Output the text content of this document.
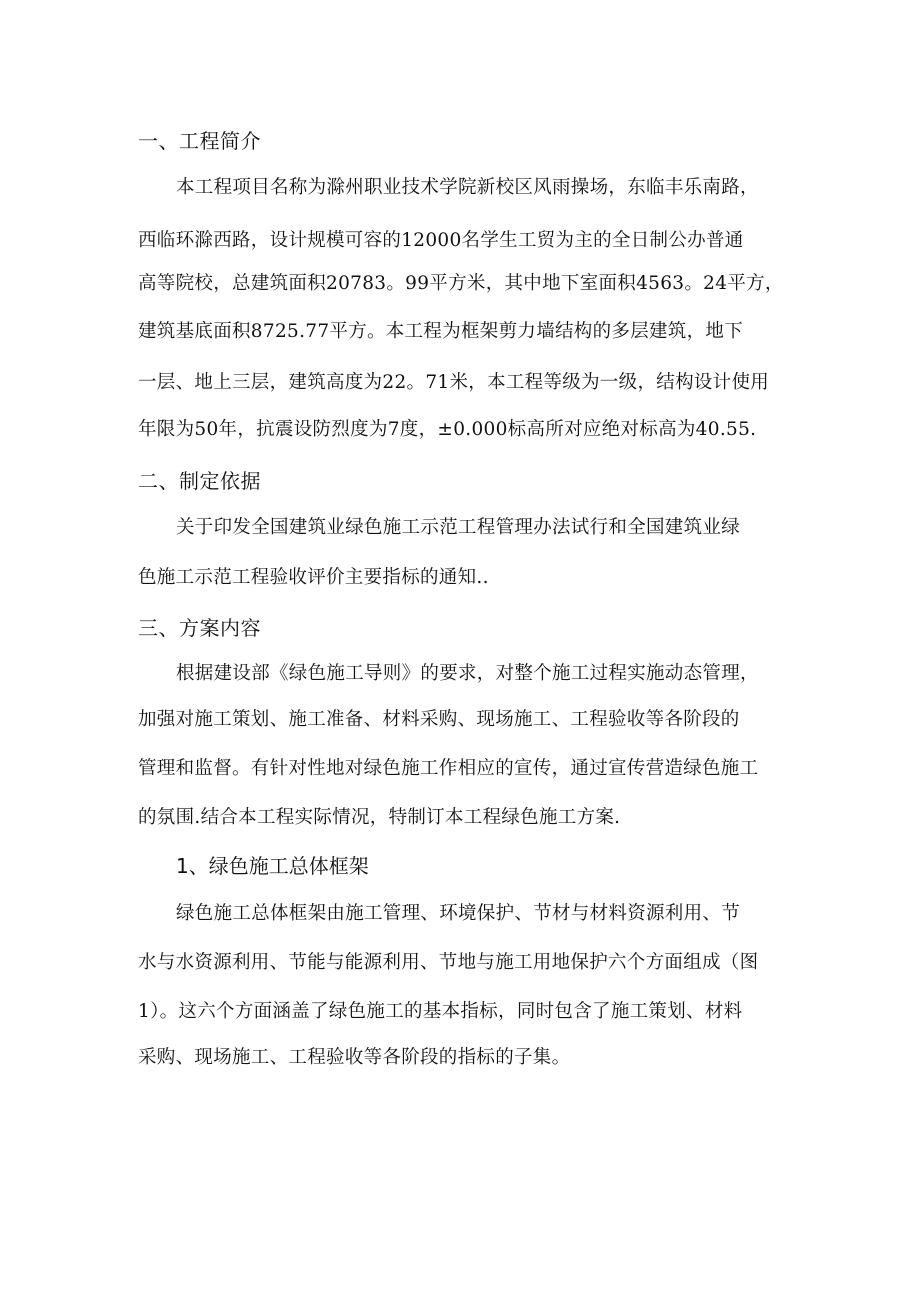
一、工程简介
本工程项目名称为滁州职业技术学院新校区风雨操场，东临丰乐南路，
西临环滁西路，设计规模可容的12000名学生工贸为主的全日制公办普通
高等院校，总建筑面积20783。99平方米，其中地下室面积4563。24平方，
建筑基底面积8725.77平方。本工程为框架剪力墙结构的多层建筑，地下
一层、地上三层，建筑高度为22。71米，本工程等级为一级，结构设计使用
年限为50年，抗震设防烈度为7度，±0.000标高所对应绝对标高为40.55.
二、制定依据
关于印发全国建筑业绿色施工示范工程管理办法试行和全国建筑业绿
色施工示范工程验收评价主要指标的通知..
三、方案内容
根据建设部《绿色施工导则》的要求，对整个施工过程实施动态管理，
加强对施工策划、施工准备、材料采购、现场施工、工程验收等各阶段的
管理和监督。有针对性地对绿色施工作相应的宣传，通过宣传营造绿色施工
的氛围.结合本工程实际情况，特制订本工程绿色施工方案.
1、绿色施工总体框架
绿色施工总体框架由施工管理、环境保护、节材与材料资源利用、节
水与水资源利用、节能与能源利用、节地与施工用地保护六个方面组成（图
1）。这六个方面涵盖了绿色施工的基本指标，同时包含了施工策划、材料
采购、现场施工、工程验收等各阶段的指标的子集。
